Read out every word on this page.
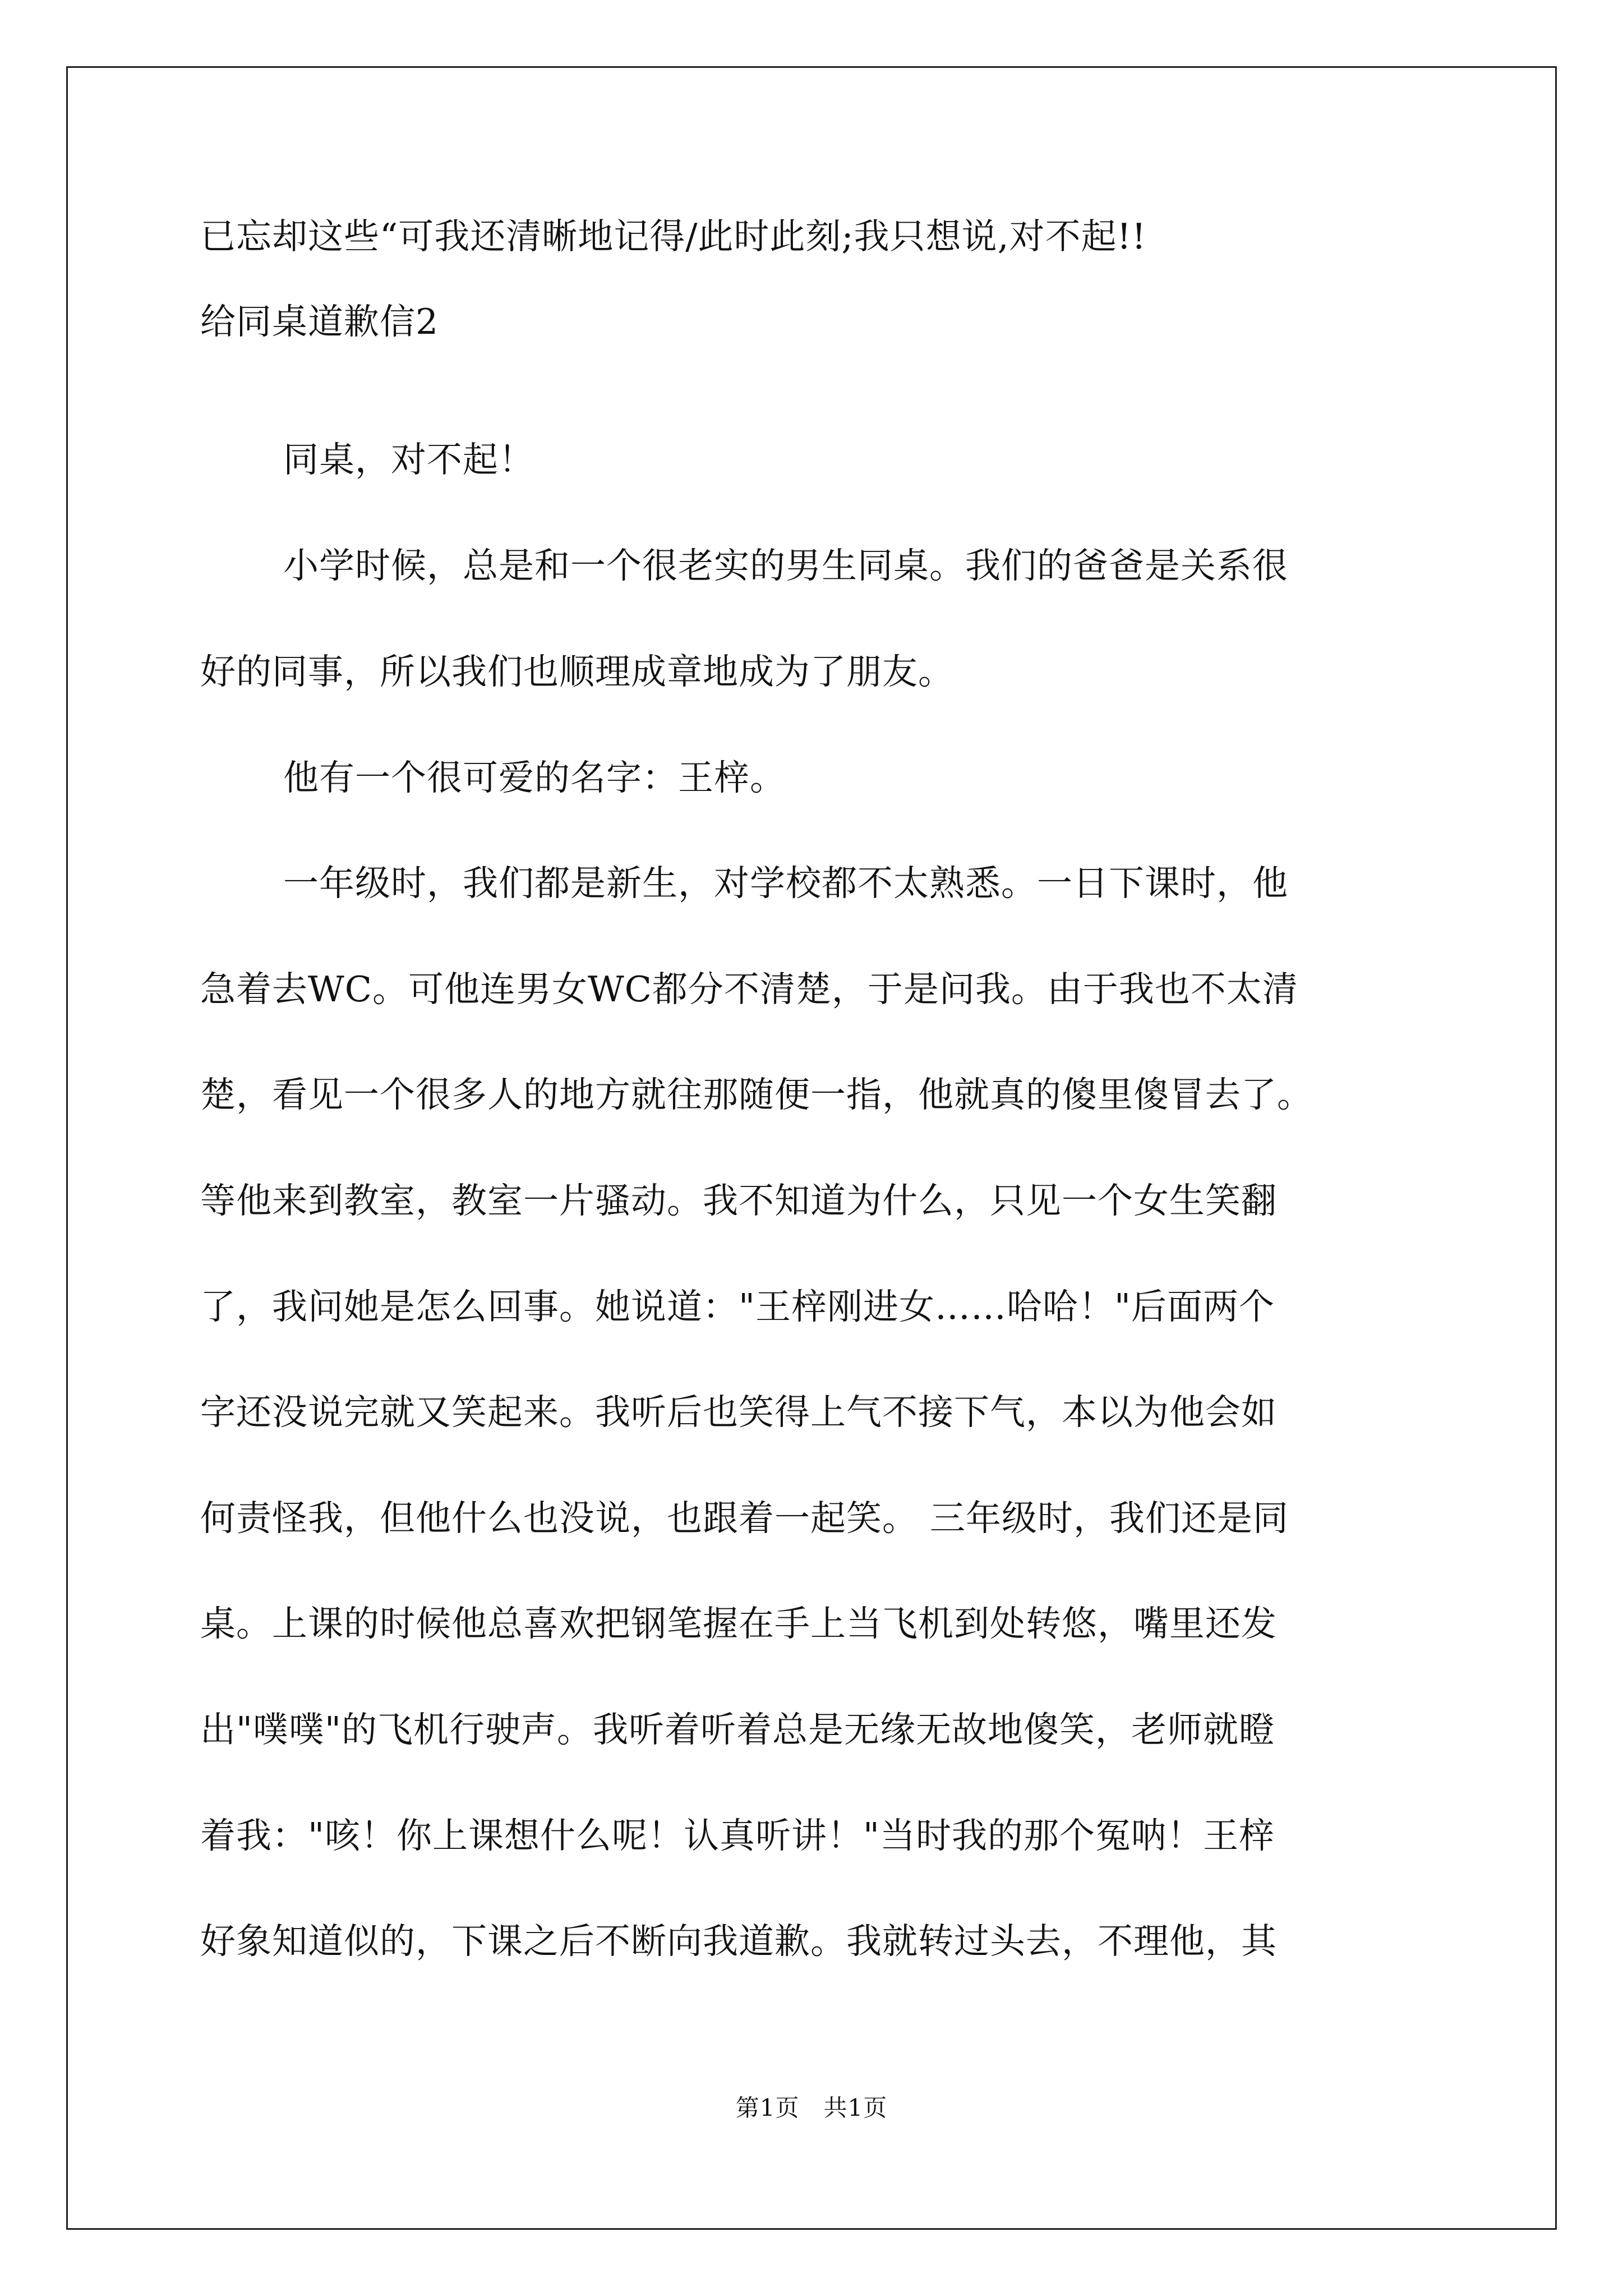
已忘却这些“可我还清晰地记得/此时此刻;我只想说,对不起!!
给同桌道歉信2
同桌，对不起！
小学时候，总是和一个很老实的男生同桌。我们的爸爸是关系很
好的同事，所以我们也顺理成章地成为了朋友。
他有一个很可爱的名字：王梓。
一年级时，我们都是新生，对学校都不太熟悉。一日下课时，他
急着去WC。可他连男女WC都分不清楚，于是问我。由于我也不太清
楚，看见一个很多人的地方就往那随便一指，他就真的傻里傻冒去了。
等他来到教室，教室一片骚动。我不知道为什么，只见一个女生笑翻
了，我问她是怎么回事。她说道："王梓刚进女……哈哈！"后面两个
字还没说完就又笑起来。我听后也笑得上气不接下气，本以为他会如
何责怪我，但他什么也没说，也跟着一起笑。 三年级时，我们还是同
桌。上课的时候他总喜欢把钢笔握在手上当飞机到处转悠，嘴里还发
出"噗噗"的飞机行驶声。我听着听着总是无缘无故地傻笑，老师就瞪
着我："咳！你上课想什么呢！认真听讲！"当时我的那个冤呐！王梓
好象知道似的，下课之后不断向我道歉。我就转过头去，不理他，其
第1页　共1页
